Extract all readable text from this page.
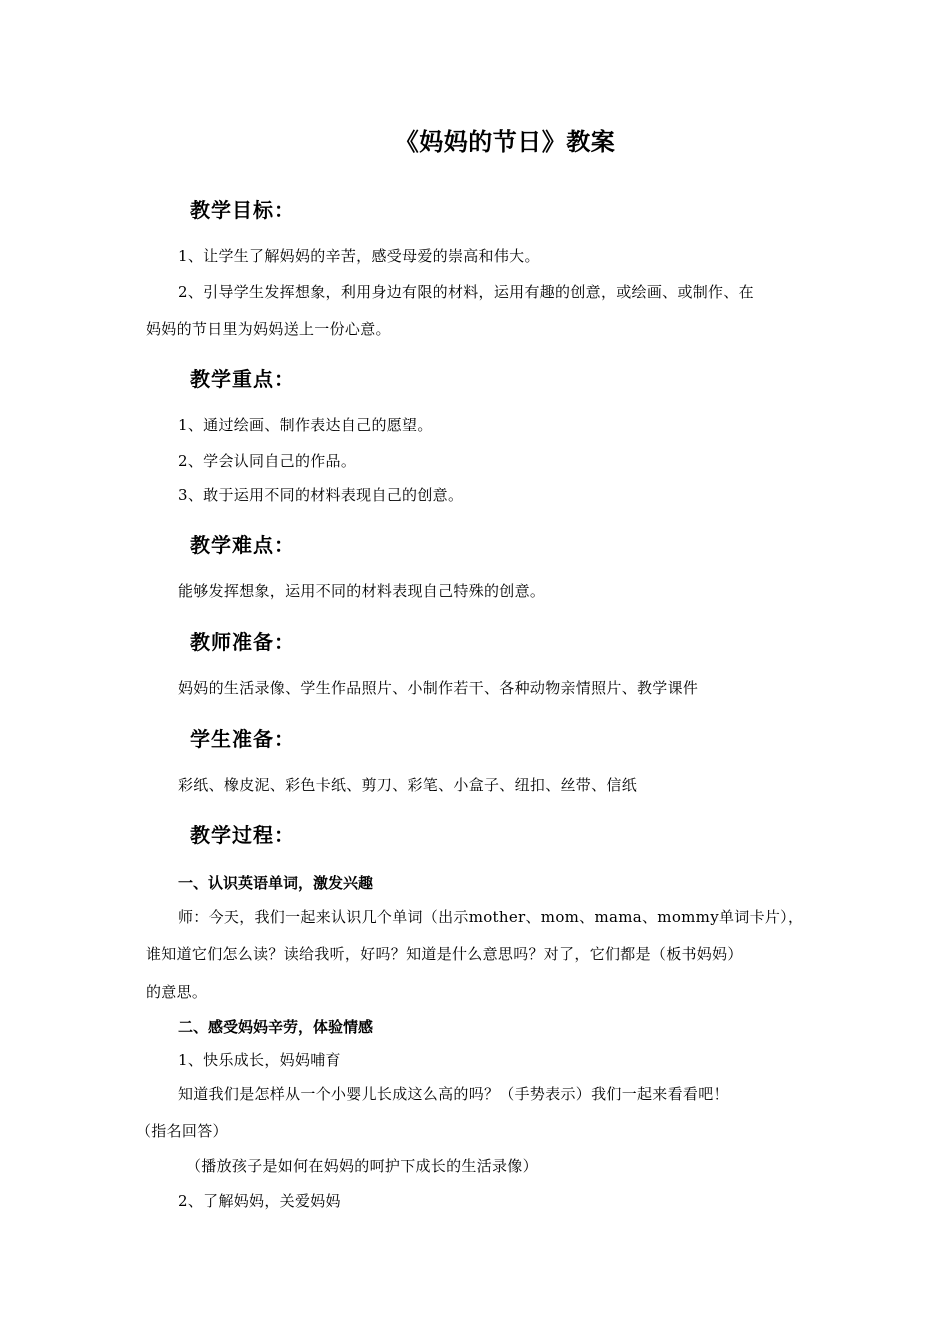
《妈妈的节日》教案
教学目标：
1、让学生了解妈妈的辛苦，感受母爱的崇高和伟大。
2、引导学生发挥想象，利用身边有限的材料，运用有趣的创意，或绘画、或制作、在
妈妈的节日里为妈妈送上一份心意。
教学重点：
1、通过绘画、制作表达自己的愿望。
2、学会认同自己的作品。
3、敢于运用不同的材料表现自己的创意。
教学难点：
能够发挥想象，运用不同的材料表现自己特殊的创意。
教师准备：
妈妈的生活录像、学生作品照片、小制作若干、各种动物亲情照片、教学课件
学生准备：
彩纸、橡皮泥、彩色卡纸、剪刀、彩笔、小盒子、纽扣、丝带、信纸
教学过程：
一、认识英语单词，激发兴趣
师：今天，我们一起来认识几个单词（出示mother、mom、mama、mommy单词卡片），
谁知道它们怎么读？读给我听，好吗？知道是什么意思吗？对了，它们都是（板书妈妈）
的意思。
二、感受妈妈辛劳，体验情感
1、快乐成长，妈妈哺育
知道我们是怎样从一个小婴儿长成这么高的吗？（手势表示）我们一起来看看吧！
（指名回答）
（播放孩子是如何在妈妈的呵护下成长的生活录像）
2、了解妈妈，关爱妈妈
